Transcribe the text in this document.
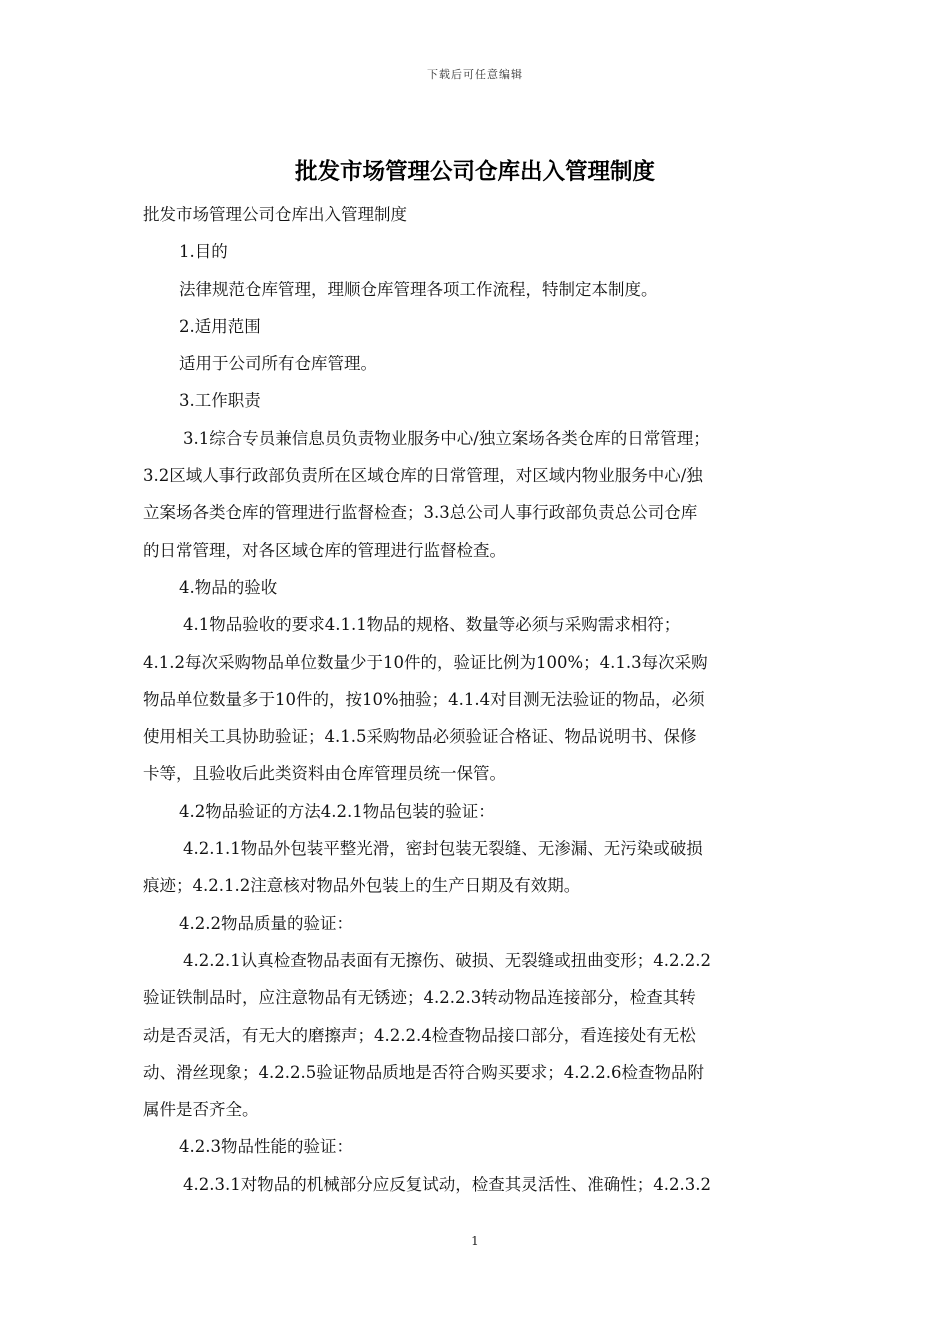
下载后可任意编辑
批发市场管理公司仓库出入管理制度

批发市场管理公司仓库出入管理制度

1.目的

法律规范仓库管理，理顺仓库管理各项工作流程，特制定本制度。

2.适用范围

适用于公司所有仓库管理。

3.工作职责

3.1综合专员兼信息员负责物业服务中心/独立案场各类仓库的日常管理；

3.2区域人事行政部负责所在区域仓库的日常管理，对区域内物业服务中心/独

立案场各类仓库的管理进行监督检查；3.3总公司人事行政部负责总公司仓库

的日常管理，对各区域仓库的管理进行监督检查。

4.物品的验收

4.1物品验收的要求4.1.1物品的规格、数量等必须与采购需求相符；

4.1.2每次采购物品单位数量少于10件的，验证比例为100%；4.1.3每次采购

物品单位数量多于10件的，按10%抽验；4.1.4对目测无法验证的物品，必须

使用相关工具协助验证；4.1.5采购物品必须验证合格证、物品说明书、保修

卡等，且验收后此类资料由仓库管理员统一保管。

4.2物品验证的方法4.2.1物品包装的验证：

4.2.1.1物品外包装平整光滑，密封包装无裂缝、无渗漏、无污染或破损

痕迹；4.2.1.2注意核对物品外包装上的生产日期及有效期。

4.2.2物品质量的验证：

4.2.2.1认真检查物品表面有无擦伤、破损、无裂缝或扭曲变形；4.2.2.2

验证铁制品时，应注意物品有无锈迹；4.2.2.3转动物品连接部分，检查其转

动是否灵活，有无大的磨擦声；4.2.2.4检查物品接口部分，看连接处有无松

动、滑丝现象；4.2.2.5验证物品质地是否符合购买要求；4.2.2.6检查物品附

属件是否齐全。

4.2.3物品性能的验证：

4.2.3.1对物品的机械部分应反复试动，检查其灵活性、准确性；4.2.3.2

1
